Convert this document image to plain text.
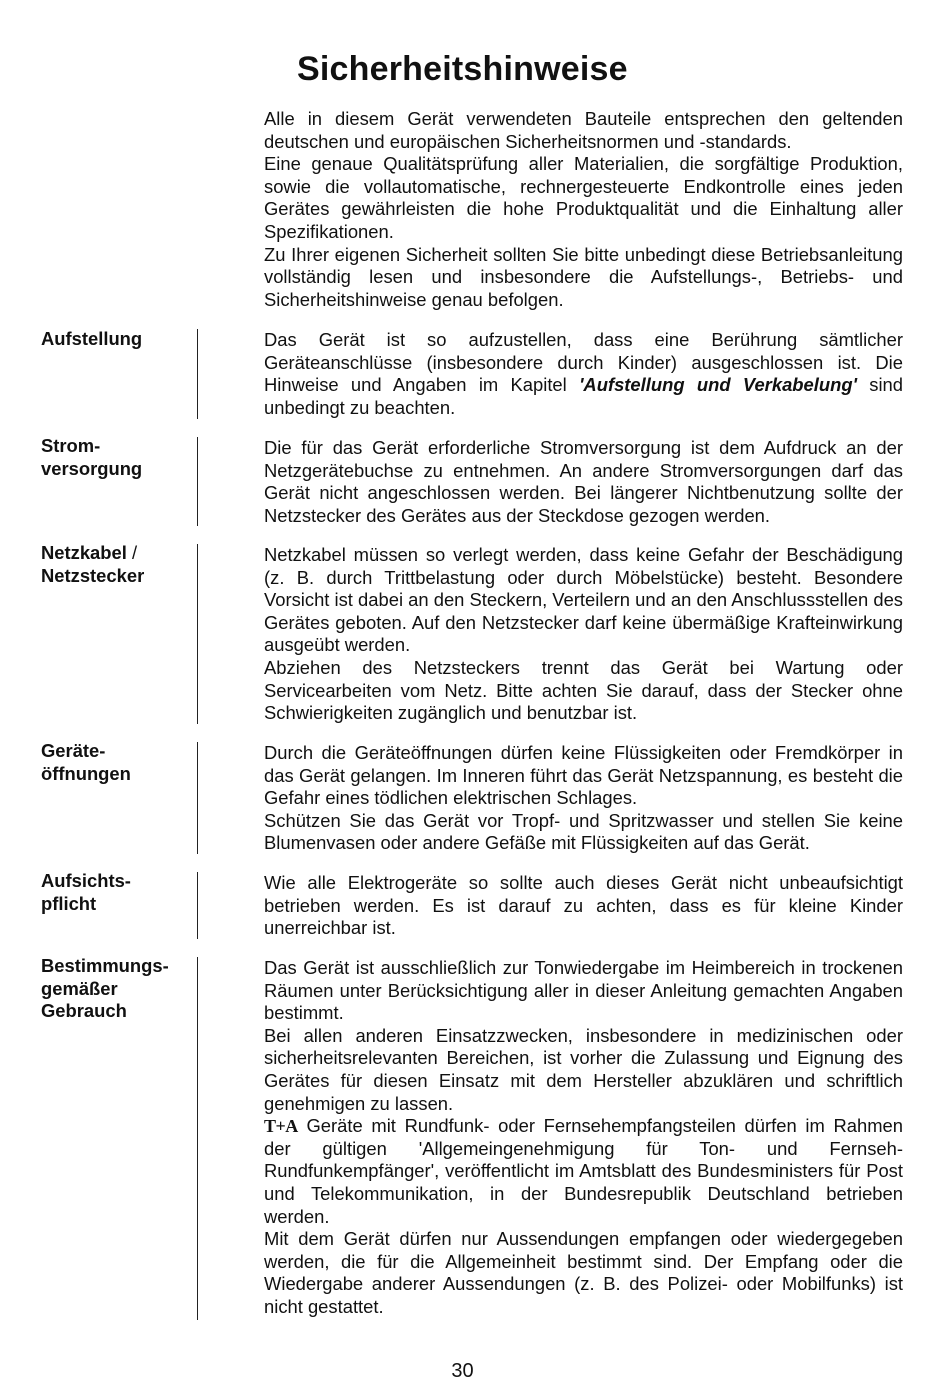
Sicherheitshinweise

Alle in diesem Gerät verwendeten Bauteile entsprechen den geltenden deutschen und europäischen Sicherheitsnormen und -standards.

Eine genaue Qualitätsprüfung aller Materialien, die sorgfältige Produktion, sowie die vollautomatische, rechnergesteuerte Endkontrolle eines jeden Gerätes gewährleisten die hohe Produktqualität und die Einhaltung aller Spezifikationen.

Zu Ihrer eigenen Sicherheit sollten Sie bitte unbedingt diese Betriebsanleitung vollständig lesen und insbesondere die Aufstellungs-, Betriebs- und Sicherheitshinweise genau befolgen.

Aufstellung	Das Gerät ist so aufzustellen, dass eine Berührung sämtlicher Geräteanschlüsse (insbesondere durch Kinder) ausgeschlossen ist. Die Hinweise und Angaben im Kapitel 'Aufstellung und Verkabelung' sind unbedingt zu beachten.

Strom-
versorgung

Die für das Gerät erforderliche Stromversorgung ist dem Aufdruck an der Netzgerätebuchse zu entnehmen. An andere Stromversorgungen darf das Gerät nicht angeschlossen werden. Bei längerer Nichtbenutzung sollte der Netzstecker des Gerätes aus der Steckdose gezogen werden.

Netzkabel /
Netzstecker

Netzkabel müssen so verlegt werden, dass keine Gefahr der Beschädigung (z. B. durch Trittbelastung oder durch Möbelstücke) besteht. Besondere Vorsicht ist dabei an den Steckern, Verteilern und an den Anschlussstellen des Gerätes geboten. Auf den Netzstecker darf keine übermäßige Krafteinwirkung ausgeübt werden.

Abziehen des Netzsteckers trennt das Gerät bei Wartung oder Servicearbeiten vom Netz. Bitte achten Sie darauf, dass der Stecker ohne Schwierigkeiten zugänglich und benutzbar ist.

Geräte-
öffnungen

Durch die Geräteöffnungen dürfen keine Flüssigkeiten oder Fremdkörper in das Gerät gelangen. Im Inneren führt das Gerät Netzspannung, es besteht die Gefahr eines tödlichen elektrischen Schlages.

Schützen Sie das Gerät vor Tropf- und Spritzwasser und stellen Sie keine Blumenvasen oder andere Gefäße mit Flüssigkeiten auf das Gerät.

Aufsichts-
pflicht

Wie alle Elektrogeräte so sollte auch dieses Gerät nicht unbeaufsichtigt betrieben werden. Es ist darauf zu achten, dass es für kleine Kinder unerreichbar ist.

Bestimmungs-
gemäßer
Gebrauch

Das Gerät ist ausschließlich zur Tonwiedergabe im Heimbereich in trockenen Räumen unter Berücksichtigung aller in dieser Anleitung gemachten Angaben bestimmt.

Bei allen anderen Einsatzzwecken, insbesondere in medizinischen oder sicherheitsrelevanten Bereichen, ist vorher die Zulassung und Eignung des Gerätes für diesen Einsatz mit dem Hersteller abzuklären und schriftlich genehmigen zu lassen.

T+A Geräte mit Rundfunk- oder Fernsehempfangsteilen dürfen im Rahmen der gültigen 'Allgemeingenehmigung für Ton- und Fernseh-Rundfunkempfänger', veröffentlicht im Amtsblatt des Bundesministers für Post und Telekommunikation, in der Bundesrepublik Deutschland betrieben werden.

Mit dem Gerät dürfen nur Aussendungen empfangen oder wiedergegeben werden, die für die Allgemeinheit bestimmt sind. Der Empfang oder die Wiedergabe anderer Aussendungen (z. B. des Polizei- oder Mobilfunks) ist nicht gestattet.

30
